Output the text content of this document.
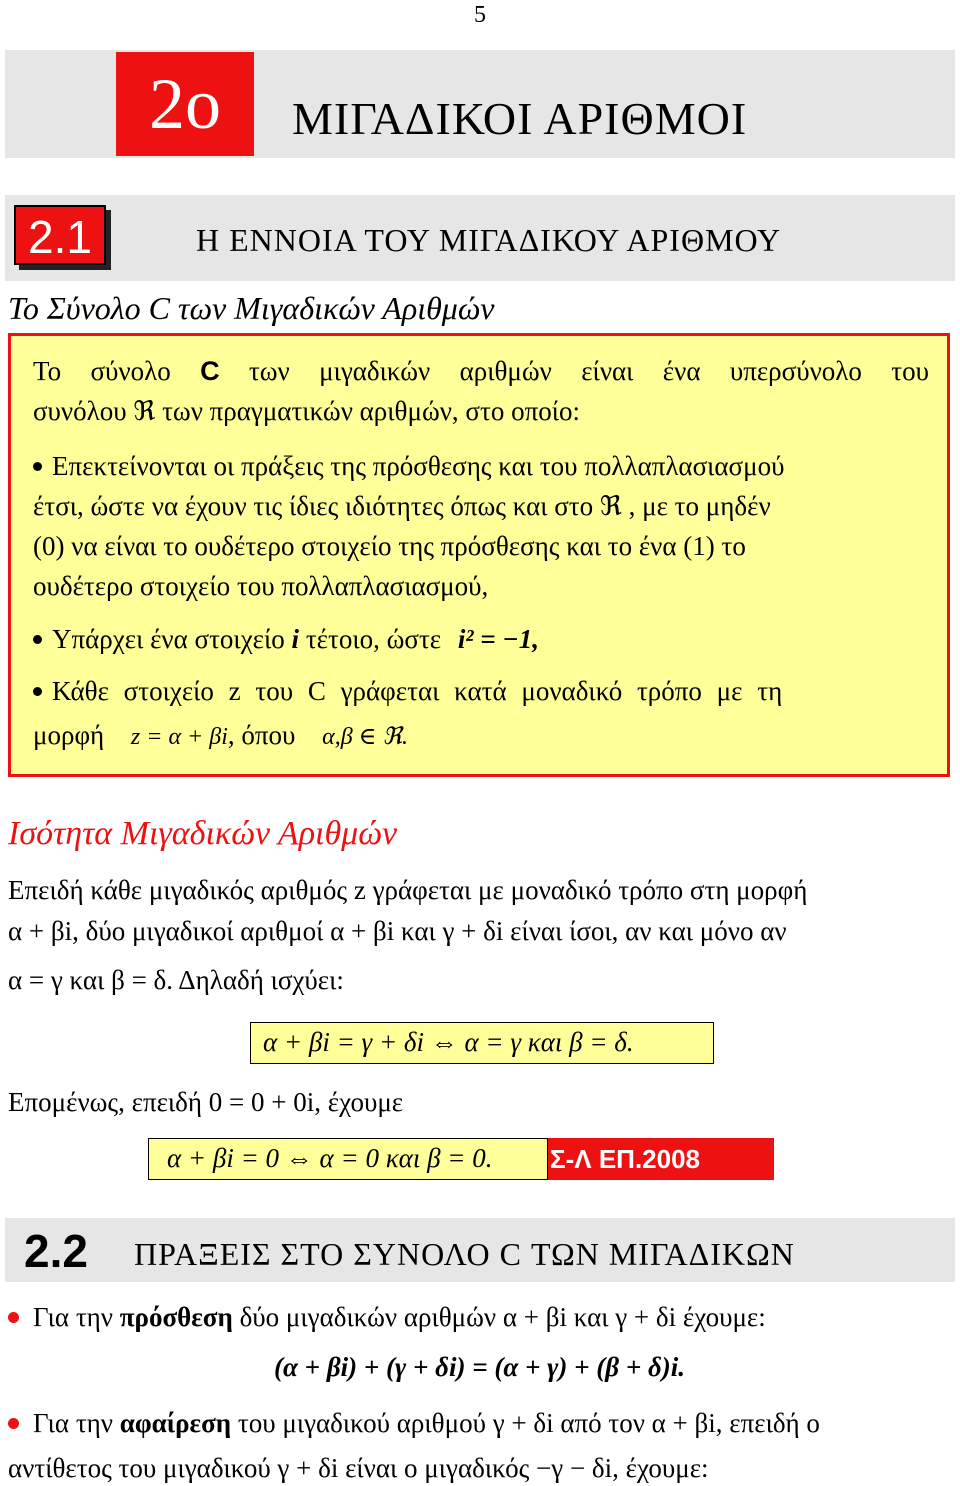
5
2ο	ΜΙΓΑΔΙΚΟΙ ΑΡΙΘΜΟΙ
2.1	Η ΕΝΝΟΙΑ ΤΟΥ ΜΙΓΑΔΙΚΟΥ ΑΡΙΘΜΟΥ
Το Σύνολο C των Μιγαδικών Αριθμών
Το σύνολο C των μιγαδικών αριθμών είναι ένα υπερσύνολο του
συνόλου ℜ των πραγματικών αριθμών, στο οποίο:
Επεκτείνονται οι πράξεις της πρόσθεσης και του πολλαπλασιασμού
έτσι, ώστε να έχουν τις ίδιες ιδιότητες όπως και στο ℜ , με το μηδέν
(0) να είναι το ουδέτερο στοιχείο της πρόσθεσης και το ένα (1) το
ουδέτερο στοιχείο του πολλαπλασιασμού,
Υπάρχει ένα στοιχείο i τέτοιο, ώστε i² = −1,
Κάθε στοιχείο z του C γράφεται κατά μοναδικό τρόπο με τη
μορφή z = α + βi, όπου α,β ∈ ℜ.
Ισότητα Μιγαδικών Αριθμών
Επειδή κάθε μιγαδικός αριθμός z γράφεται με μοναδικό τρόπο στη μορφή
α + βi, δύο μιγαδικοί αριθμοί α + βi και γ + δi είναι ίσοι, αν και μόνο αν
α = γ και β = δ. Δηλαδή ισχύει:
α + βi = γ + δi ⇔ α = γ και β = δ.
Επομένως, επειδή 0 = 0 + 0i, έχουμε
α + βi = 0 ⇔ α = 0 και β = 0. Σ-Λ ΕΠ.2008
2.2 ΠΡΑΞΕΙΣ ΣΤΟ ΣΥΝΟΛΟ C ΤΩΝ ΜΙΓΑΔΙΚΩΝ
Για την πρόσθεση δύο μιγαδικών αριθμών α + βi και γ + δi έχουμε:
(α + βi) + (γ + δi) = (α + γ) + (β + δ)i.
Για την αφαίρεση του μιγαδικού αριθμού γ + δi από τον α + βi, επειδή ο
αντίθετος του μιγαδικού γ + δi είναι ο μιγαδικός −γ − δi, έχουμε:
